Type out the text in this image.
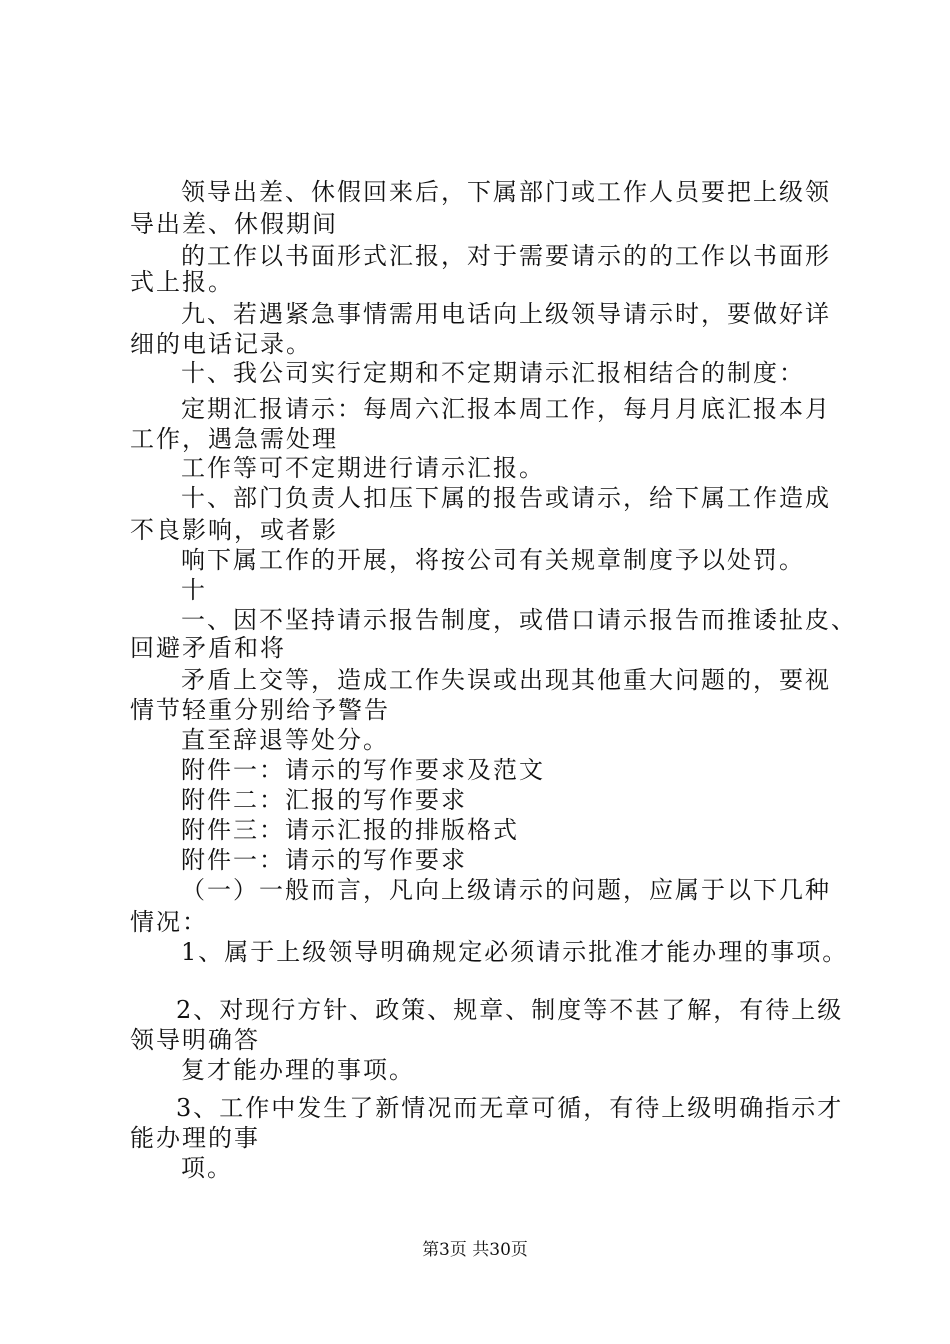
领导出差、休假回来后，下属部门或工作人员要把上级领
导出差、休假期间
的工作以书面形式汇报，对于需要请示的的工作以书面形
式上报。
九、若遇紧急事情需用电话向上级领导请示时，要做好详
细的电话记录。
十、我公司实行定期和不定期请示汇报相结合的制度：
定期汇报请示：每周六汇报本周工作，每月月底汇报本月
工作，遇急需处理
工作等可不定期进行请示汇报。
十、部门负责人扣压下属的报告或请示，给下属工作造成
不良影响，或者影
响下属工作的开展，将按公司有关规章制度予以处罚。
十
一、因不坚持请示报告制度，或借口请示报告而推诿扯皮、
回避矛盾和将
矛盾上交等，造成工作失误或出现其他重大问题的，要视
情节轻重分别给予警告
直至辞退等处分。
附件一：请示的写作要求及范文
附件二：汇报的写作要求
附件三：请示汇报的排版格式
附件一：请示的写作要求
（一）一般而言，凡向上级请示的问题，应属于以下几种
情况：
1、属于上级领导明确规定必须请示批准才能办理的事项。
2、对现行方针、政策、规章、制度等不甚了解，有待上级
领导明确答
复才能办理的事项。
3、工作中发生了新情况而无章可循，有待上级明确指示才
能办理的事
项。
第3页 共30页
